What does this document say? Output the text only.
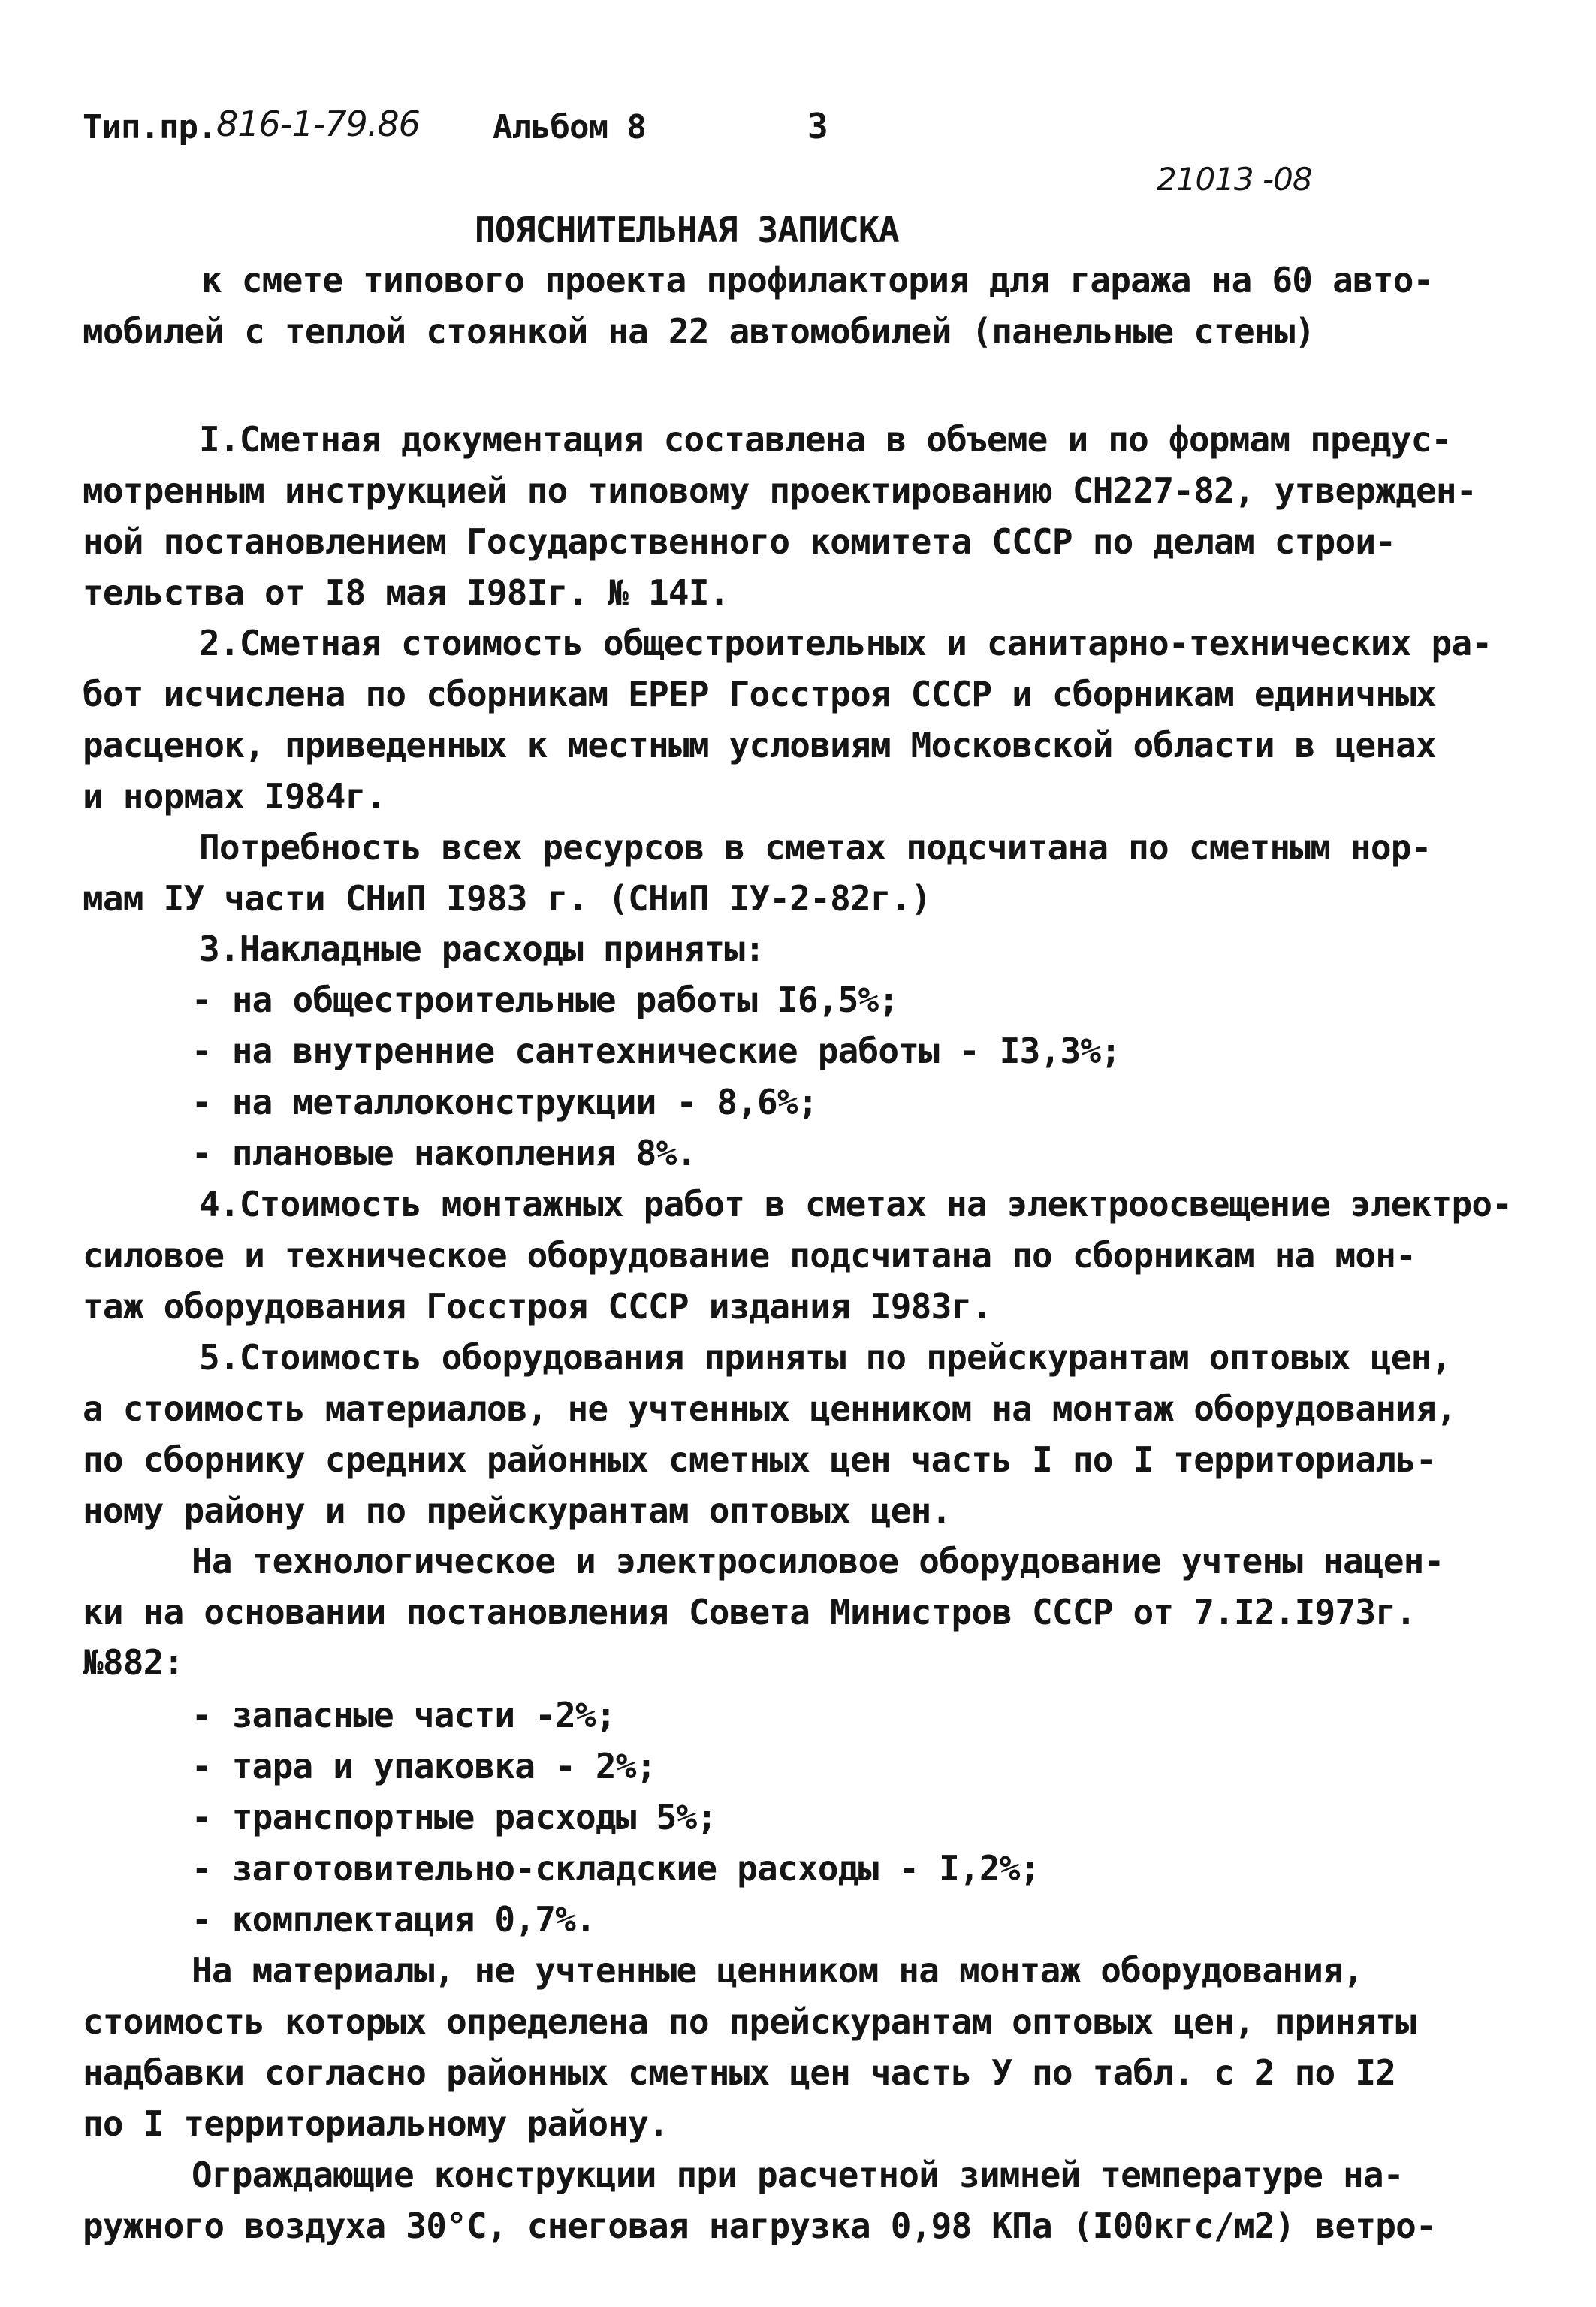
Тип.пр. 816-1-79.86 Альбом 8	3
21013 -08
ПОЯСНИТЕЛЬНАЯ ЗАПИСКА
к смете типового проекта профилактория для гаража на 60 авто-
мобилей с теплой стоянкой на 22 автомобилей (панельные стены)
I.Сметная документация составлена в объеме и по формам предус-
мотренным инструкцией по типовому проектированию СН227-82, утвержден-
ной постановлением Государственного комитета СССР по делам строи-
тельства от I8 мая I98Iг. № 14I.
2.Сметная стоимость общестроительных и санитарно-технических ра-
бот исчислена по сборникам ЕРЕР Госстроя СССР и сборникам единичных
расценок, приведенных к местным условиям Московской области в ценах
и нормах I984г.
Потребность всех ресурсов в сметах подсчитана по сметным нор-
мам IУ части СНиП I983 г. (СНиП IУ-2-82г.)
3.Накладные расходы приняты:
- на общестроительные работы I6,5%;
- на внутренние сантехнические работы - I3,3%;
- на металлоконструкции - 8,6%;
- плановые накопления 8%.
4.Стоимость монтажных работ в сметах на электроосвещение электро-
силовое и техническое оборудование подсчитана по сборникам на мон-
таж оборудования Госстроя СССР издания I983г.
5.Стоимость оборудования приняты по прейскурантам оптовых цен,
а стоимость материалов, не учтенных ценником на монтаж оборудования,
по сборнику средних районных сметных цен часть I по I территориаль-
ному району и по прейскурантам оптовых цен.
На технологическое и электросиловое оборудование учтены нацен-
ки на основании постановления Совета Министров СССР от 7.I2.I973г.
№882:
- запасные части -2%;
- тара и упаковка - 2%;
- транспортные расходы 5%;
- заготовительно-складские расходы - I,2%;
- комплектация 0,7%.
На материалы, не учтенные ценником на монтаж оборудования,
стоимость которых определена по прейскурантам оптовых цен, приняты
надбавки согласно районных сметных цен часть У по табл. с 2 по I2
по I территориальному району.
Ограждающие конструкции при расчетной зимней температуре на-
ружного воздуха 30°С, снеговая нагрузка 0,98 КПа (I00кгс/м2) ветро-
